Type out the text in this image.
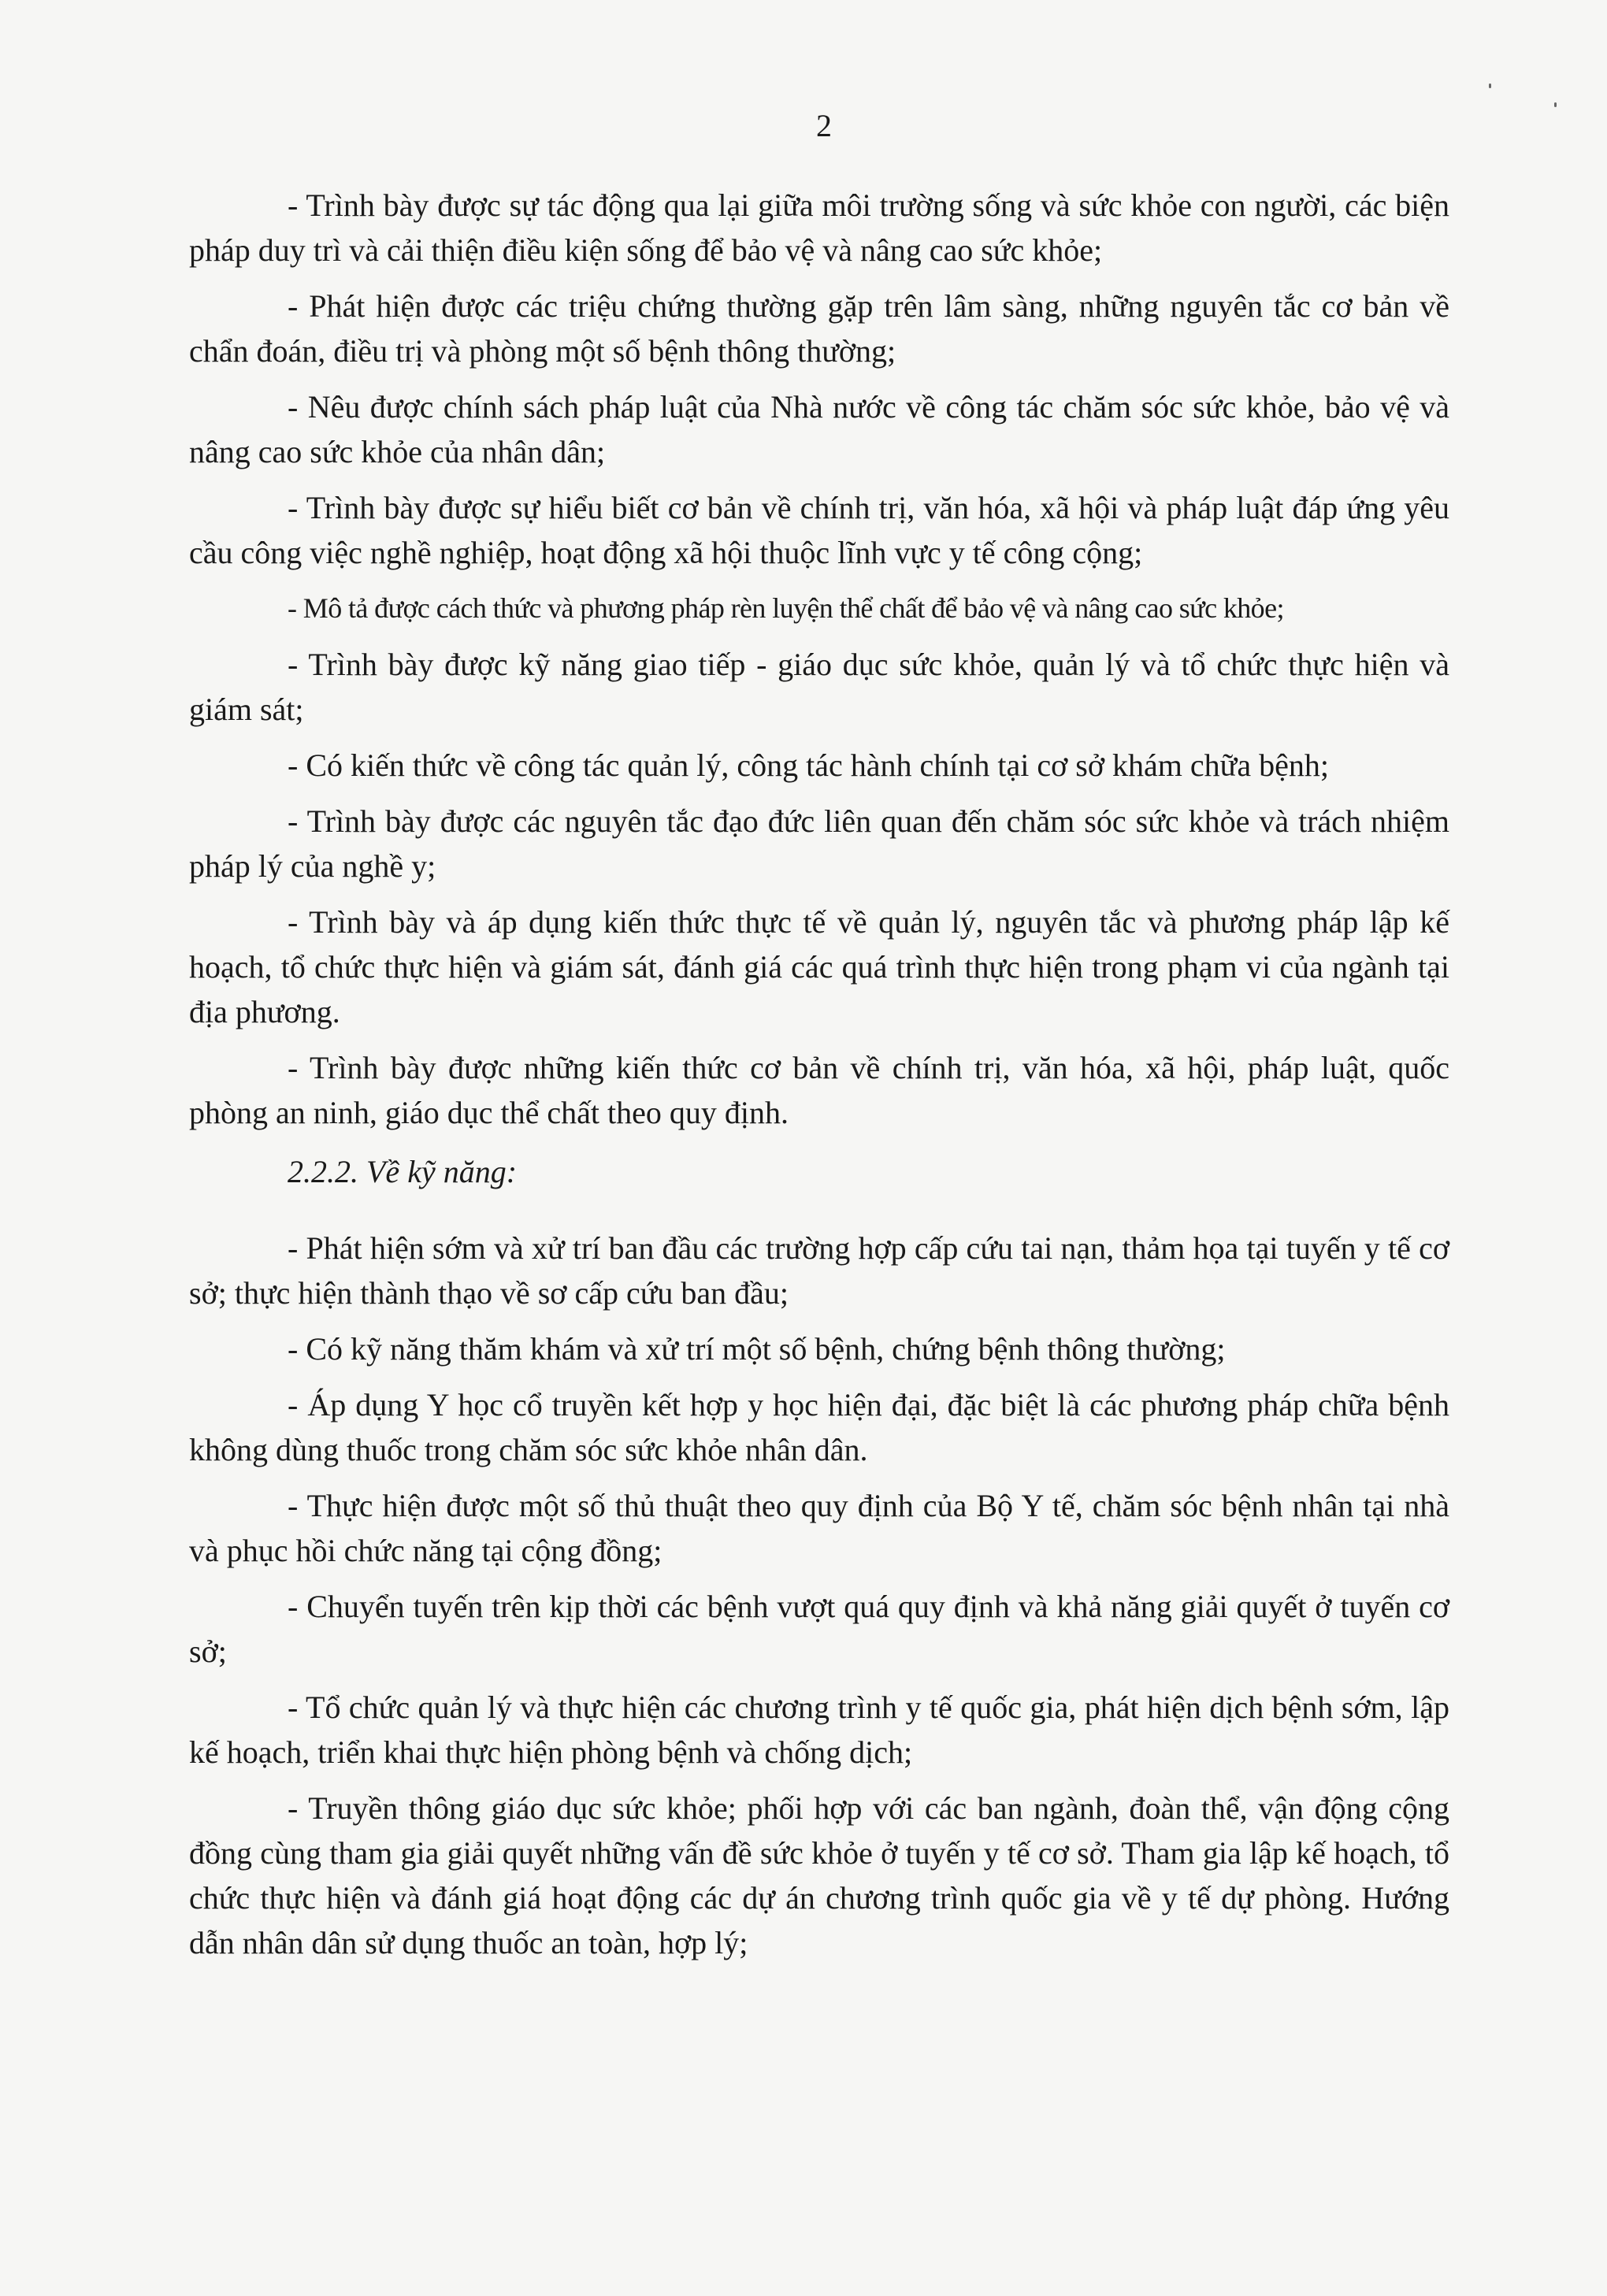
2

- Trình bày được sự tác động qua lại giữa môi trường sống và sức khỏe con người, các biện pháp duy trì và cải thiện điều kiện sống để bảo vệ và nâng cao sức khỏe;

- Phát hiện được các triệu chứng thường gặp trên lâm sàng, những nguyên tắc cơ bản về chẩn đoán, điều trị và phòng một số bệnh thông thường;

- Nêu được chính sách pháp luật của Nhà nước về công tác chăm sóc sức khỏe, bảo vệ và nâng cao sức khỏe của nhân dân;

- Trình bày được sự hiểu biết cơ bản về chính trị, văn hóa, xã hội và pháp luật đáp ứng yêu cầu công việc nghề nghiệp, hoạt động xã hội thuộc lĩnh vực y tế công cộng;

- Mô tả được cách thức và phương pháp rèn luyện thể chất để bảo vệ và nâng cao sức khỏe;

- Trình bày được kỹ năng giao tiếp - giáo dục sức khỏe, quản lý và tổ chức thực hiện và giám sát;

- Có kiến thức về công tác quản lý, công tác hành chính tại cơ sở khám chữa bệnh;

- Trình bày được các nguyên tắc đạo đức liên quan đến chăm sóc sức khỏe và trách nhiệm pháp lý của nghề y;

- Trình bày và áp dụng kiến thức thực tế về quản lý, nguyên tắc và phương pháp lập kế hoạch, tổ chức thực hiện và giám sát, đánh giá các quá trình thực hiện trong phạm vi của ngành tại địa phương.

- Trình bày được những kiến thức cơ bản về chính trị, văn hóa, xã hội, pháp luật, quốc phòng an ninh, giáo dục thể chất theo quy định.

2.2.2. Về kỹ năng:

- Phát hiện sớm và xử trí ban đầu các trường hợp cấp cứu tai nạn, thảm họa tại tuyến y tế cơ sở; thực hiện thành thạo về sơ cấp cứu ban đầu;

- Có kỹ năng thăm khám và xử trí một số bệnh, chứng bệnh thông thường;

- Áp dụng Y học cổ truyền kết hợp y học hiện đại, đặc biệt là các phương pháp chữa bệnh không dùng thuốc trong chăm sóc sức khỏe nhân dân.

- Thực hiện được một số thủ thuật theo quy định của Bộ Y tế, chăm sóc bệnh nhân tại nhà và phục hồi chức năng tại cộng đồng;

- Chuyển tuyến trên kịp thời các bệnh vượt quá quy định và khả năng giải quyết ở tuyến cơ sở;

- Tổ chức quản lý và thực hiện các chương trình y tế quốc gia, phát hiện dịch bệnh sớm, lập kế hoạch, triển khai thực hiện phòng bệnh và chống dịch;

- Truyền thông giáo dục sức khỏe; phối hợp với các ban ngành, đoàn thể, vận động cộng đồng cùng tham gia giải quyết những vấn đề sức khỏe ở tuyến y tế cơ sở. Tham gia lập kế hoạch, tổ chức thực hiện và đánh giá hoạt động các dự án chương trình quốc gia về y tế dự phòng. Hướng dẫn nhân dân sử dụng thuốc an toàn, hợp lý;
